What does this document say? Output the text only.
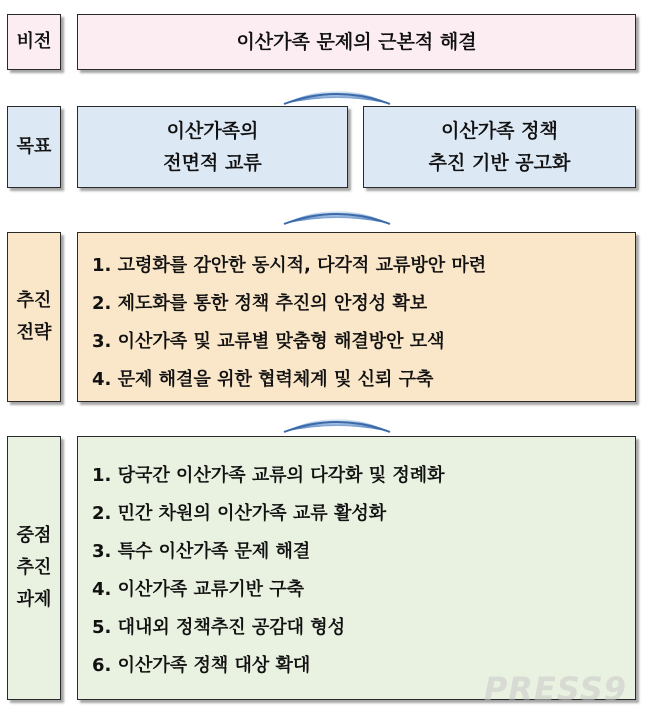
비전	이산가족 문제의 근본적 해결
목표
이산가족의
전면적 교류
이산가족 정책
추진 기반 공고화
추진
전략
1. 고령화를 감안한 동시적, 다각적 교류방안 마련
2. 제도화를 통한 정책 추진의 안정성 확보
3. 이산가족 및 교류별 맞춤형 해결방안 모색
4. 문제 해결을 위한 협력체계 및 신뢰 구축
중점
추진
과제
1. 당국간 이산가족 교류의 다각화 및 정례화
2. 민간 차원의 이산가족 교류 활성화
3. 특수 이산가족 문제 해결
4. 이산가족 교류기반 구축
5. 대내외 정책추진 공감대 형성
6. 이산가족 정책 대상 확대
PRESS9
